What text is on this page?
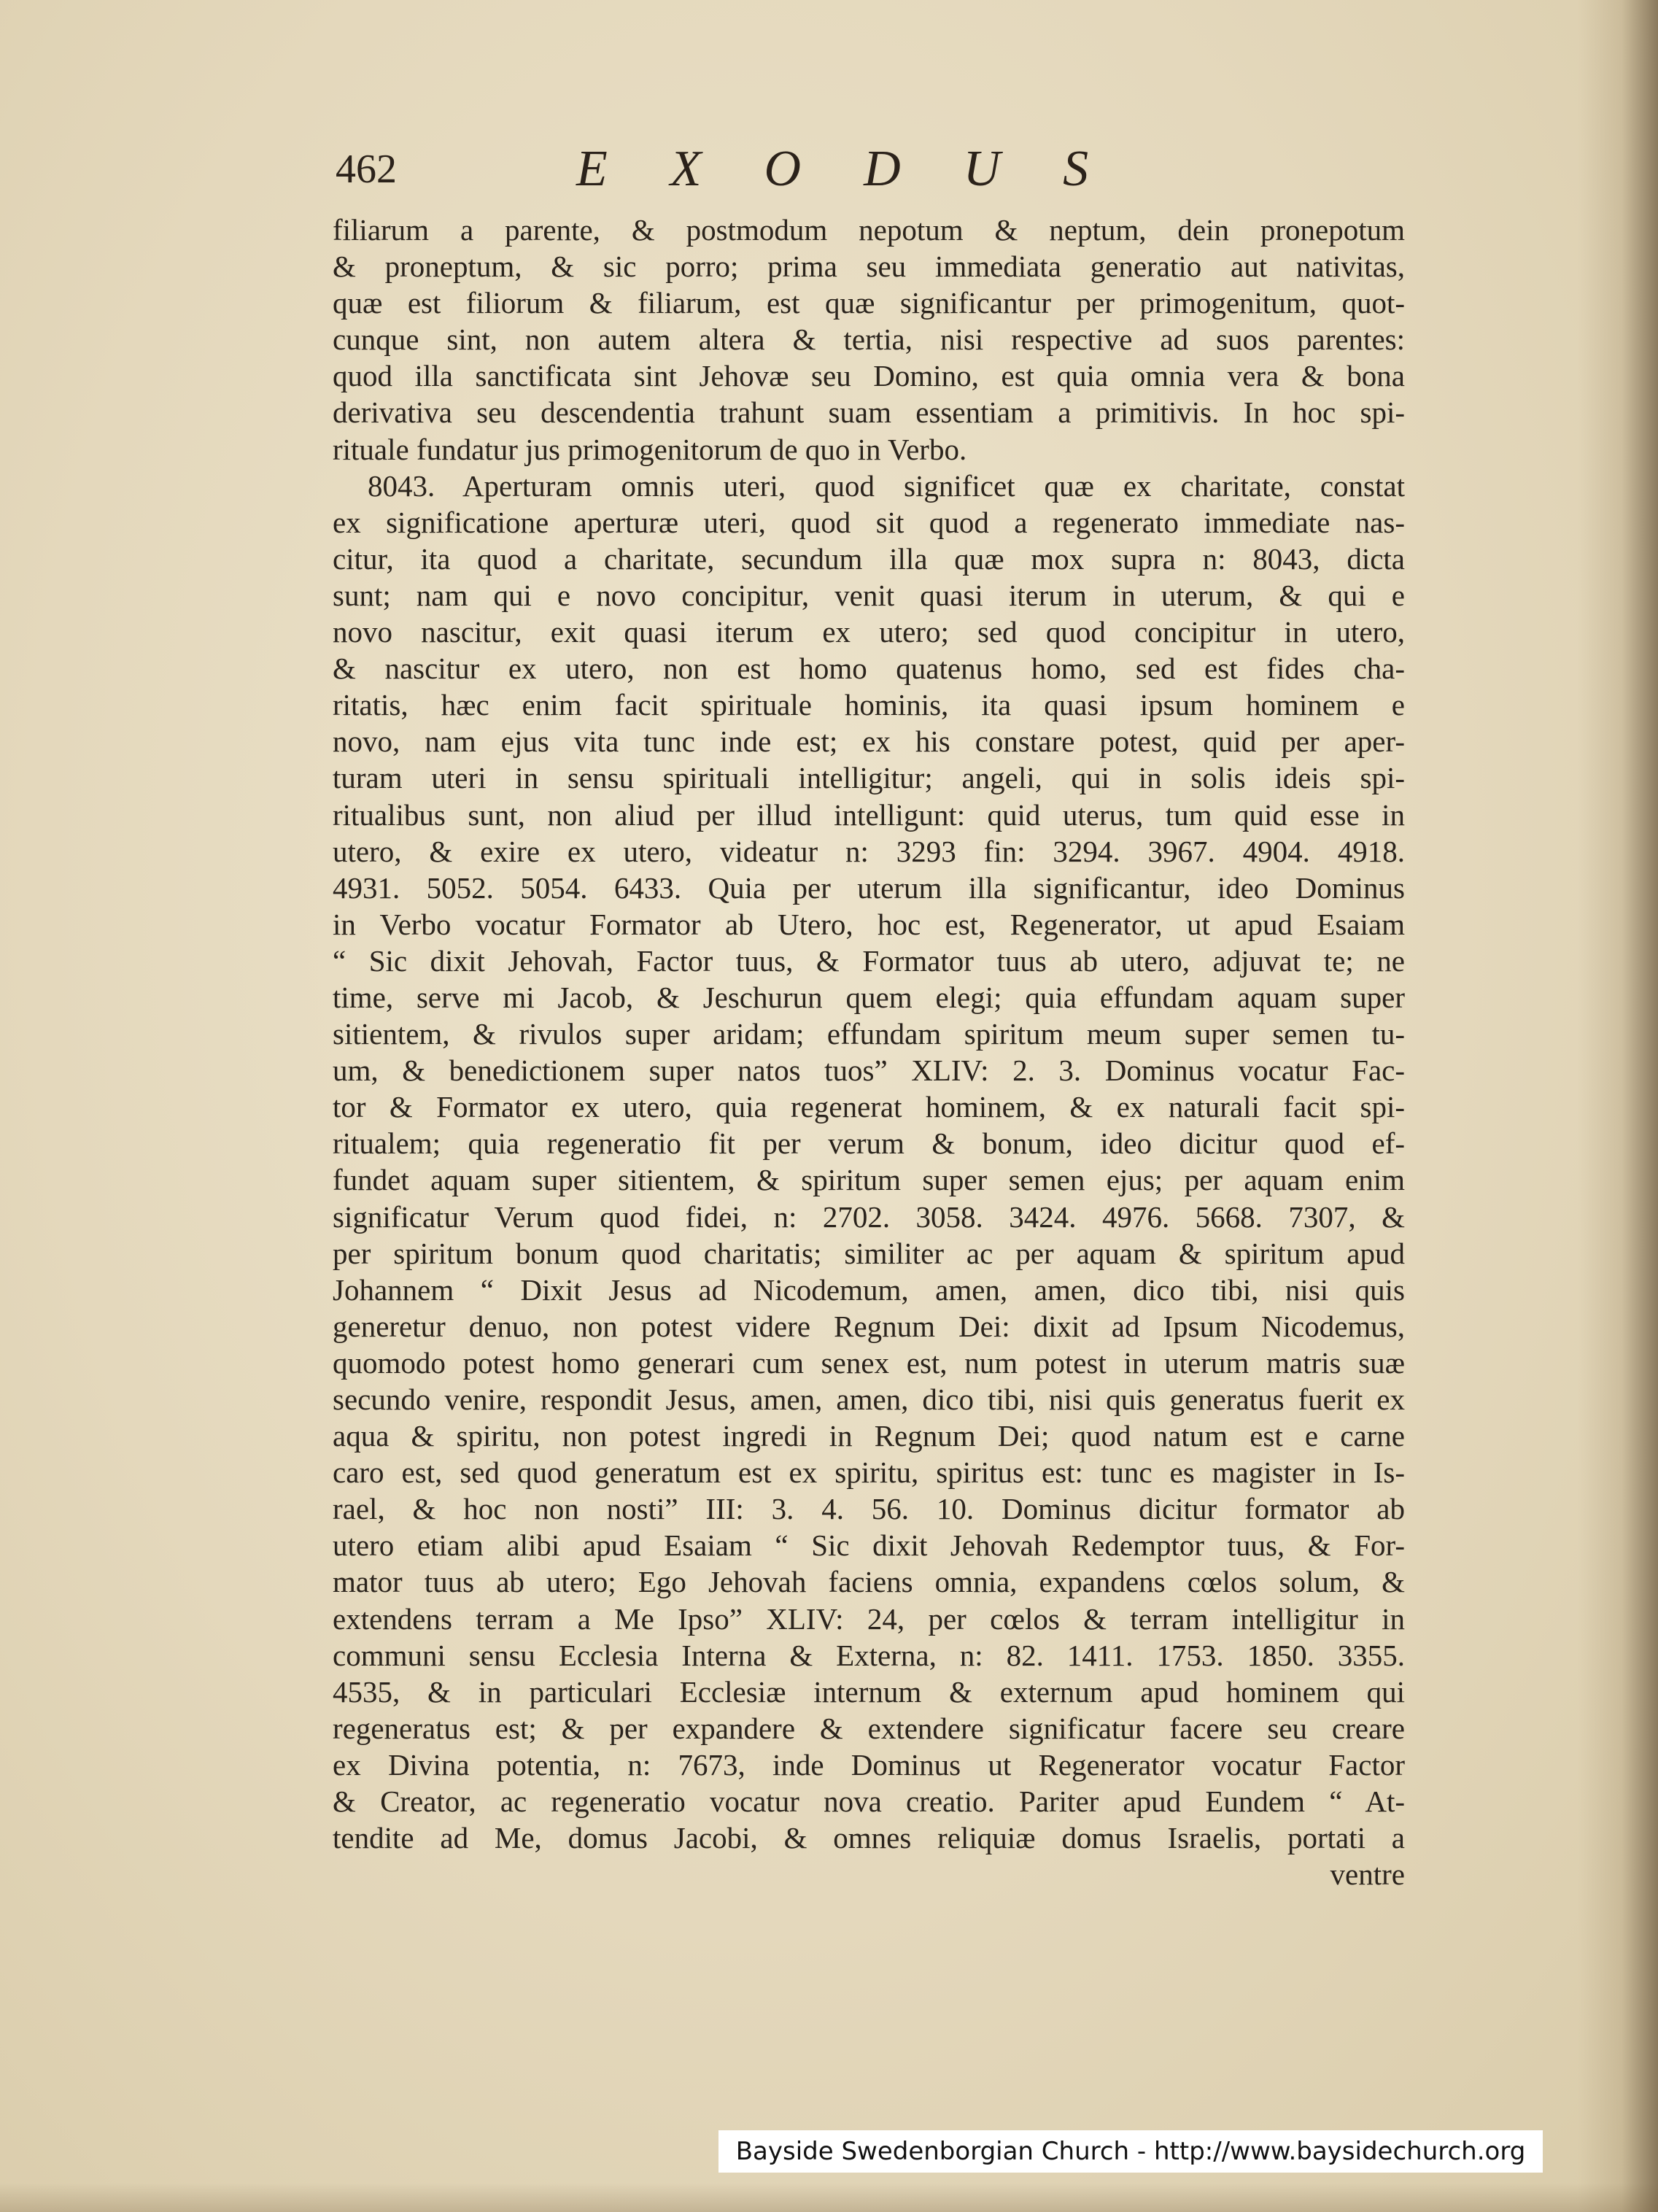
462	EXODUS
filiarum a parente, & postmodum nepotum & neptum, dein pronepotum
& proneptum, & sic porro; prima seu immediata generatio aut nativitas,
quæ est filiorum & filiarum, est quæ significantur per primogenitum, quot-
cunque sint, non autem altera & tertia, nisi respective ad suos parentes:
quod illa sanctificata sint Jehovæ seu Domino, est quia omnia vera & bona
derivativa seu descendentia trahunt suam essentiam a primitivis. In hoc spi-
rituale fundatur jus primogenitorum de quo in Verbo.
8043. Aperturam omnis uteri, quod significet quæ ex charitate, constat
ex significatione aperturæ uteri, quod sit quod a regenerato immediate nas-
citur, ita quod a charitate, secundum illa quæ mox supra n: 8043, dicta
sunt; nam qui e novo concipitur, venit quasi iterum in uterum, & qui e
novo nascitur, exit quasi iterum ex utero; sed quod concipitur in utero,
& nascitur ex utero, non est homo quatenus homo, sed est fides cha-
ritatis, hæc enim facit spirituale hominis, ita quasi ipsum hominem e
novo, nam ejus vita tunc inde est; ex his constare potest, quid per aper-
turam uteri in sensu spirituali intelligitur; angeli, qui in solis ideis spi-
ritualibus sunt, non aliud per illud intelligunt: quid uterus, tum quid esse in
utero, & exire ex utero, videatur n: 3293 fin: 3294. 3967. 4904. 4918.
4931. 5052. 5054. 6433. Quia per uterum illa significantur, ideo Dominus
in Verbo vocatur Formator ab Utero, hoc est, Regenerator, ut apud Esaiam
“ Sic dixit Jehovah, Factor tuus, & Formator tuus ab utero, adjuvat te; ne
time, serve mi Jacob, & Jeschurun quem elegi; quia effundam aquam super
sitientem, & rivulos super aridam; effundam spiritum meum super semen tu-
um, & benedictionem super natos tuos” XLIV: 2. 3. Dominus vocatur Fac-
tor & Formator ex utero, quia regenerat hominem, & ex naturali facit spi-
ritualem; quia regeneratio fit per verum & bonum, ideo dicitur quod ef-
fundet aquam super sitientem, & spiritum super semen ejus; per aquam enim
significatur Verum quod fidei, n: 2702. 3058. 3424. 4976. 5668. 7307, &
per spiritum bonum quod charitatis; similiter ac per aquam & spiritum apud
Johannem “ Dixit Jesus ad Nicodemum, amen, amen, dico tibi, nisi quis
generetur denuo, non potest videre Regnum Dei: dixit ad Ipsum Nicodemus,
quomodo potest homo generari cum senex est, num potest in uterum matris suæ
secundo venire, respondit Jesus, amen, amen, dico tibi, nisi quis generatus fuerit ex
aqua & spiritu, non potest ingredi in Regnum Dei; quod natum est e carne
caro est, sed quod generatum est ex spiritu, spiritus est: tunc es magister in Is-
rael, & hoc non nosti” III: 3. 4. 56. 10. Dominus dicitur formator ab
utero etiam alibi apud Esaiam “ Sic dixit Jehovah Redemptor tuus, & For-
mator tuus ab utero; Ego Jehovah faciens omnia, expandens cœlos solum, &
extendens terram a Me Ipso” XLIV: 24, per cœlos & terram intelligitur in
communi sensu Ecclesia Interna & Externa, n: 82. 1411. 1753. 1850. 3355.
4535, & in particulari Ecclesiæ internum & externum apud hominem qui
regeneratus est; & per expandere & extendere significatur facere seu creare
ex Divina potentia, n: 7673, inde Dominus ut Regenerator vocatur Factor
& Creator, ac regeneratio vocatur nova creatio. Pariter apud Eundem “ At-
tendite ad Me, domus Jacobi, & omnes reliquiæ domus Israelis, portati a
ventre
Bayside Swedenborgian Church - http://www.baysidechurch.org
